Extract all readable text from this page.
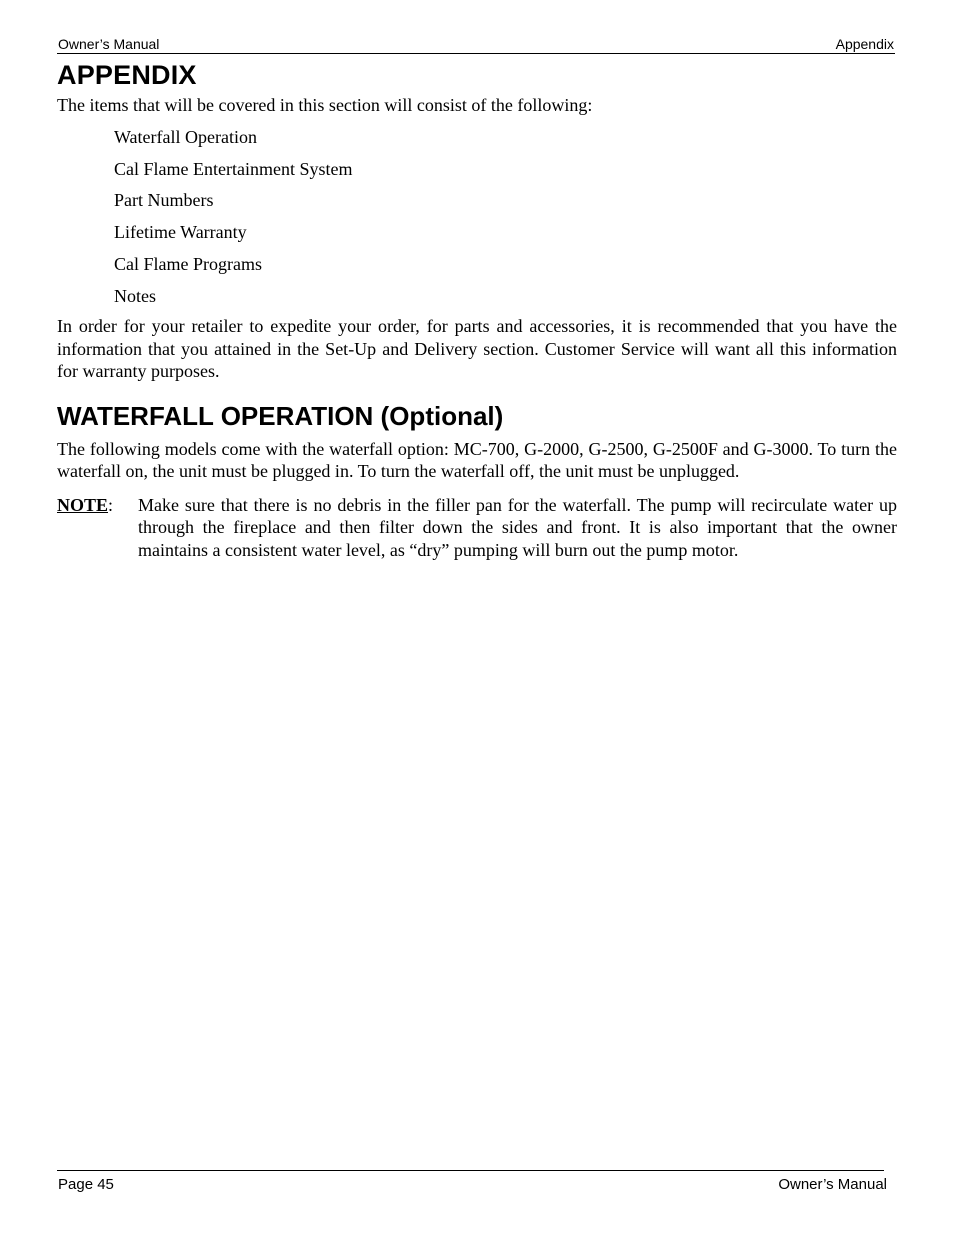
Owner’s Manual	Appendix
APPENDIX

The items that will be covered in this section will consist of the following:

Waterfall Operation
Cal Flame Entertainment System
Part Numbers
Lifetime Warranty
Cal Flame Programs
Notes

In order for your retailer to expedite your order, for parts and accessories, it is recommended that you have the information that you attained in the Set-Up and Delivery section. Customer Service will want all this information for warranty purposes.

WATERFALL OPERATION (Optional)

The following models come with the waterfall option: MC-700, G-2000, G-2500, G-2500F and G-3000. To turn the waterfall on, the unit must be plugged in. To turn the waterfall off, the unit must be unplugged.

NOTE:	Make sure that there is no debris in the filler pan for the waterfall. The pump will recirculate water up through the fireplace and then filter down the sides and front. It is also important that the owner maintains a consistent water level, as “dry” pumping will burn out the pump motor.
Page 45	Owner’s Manual
